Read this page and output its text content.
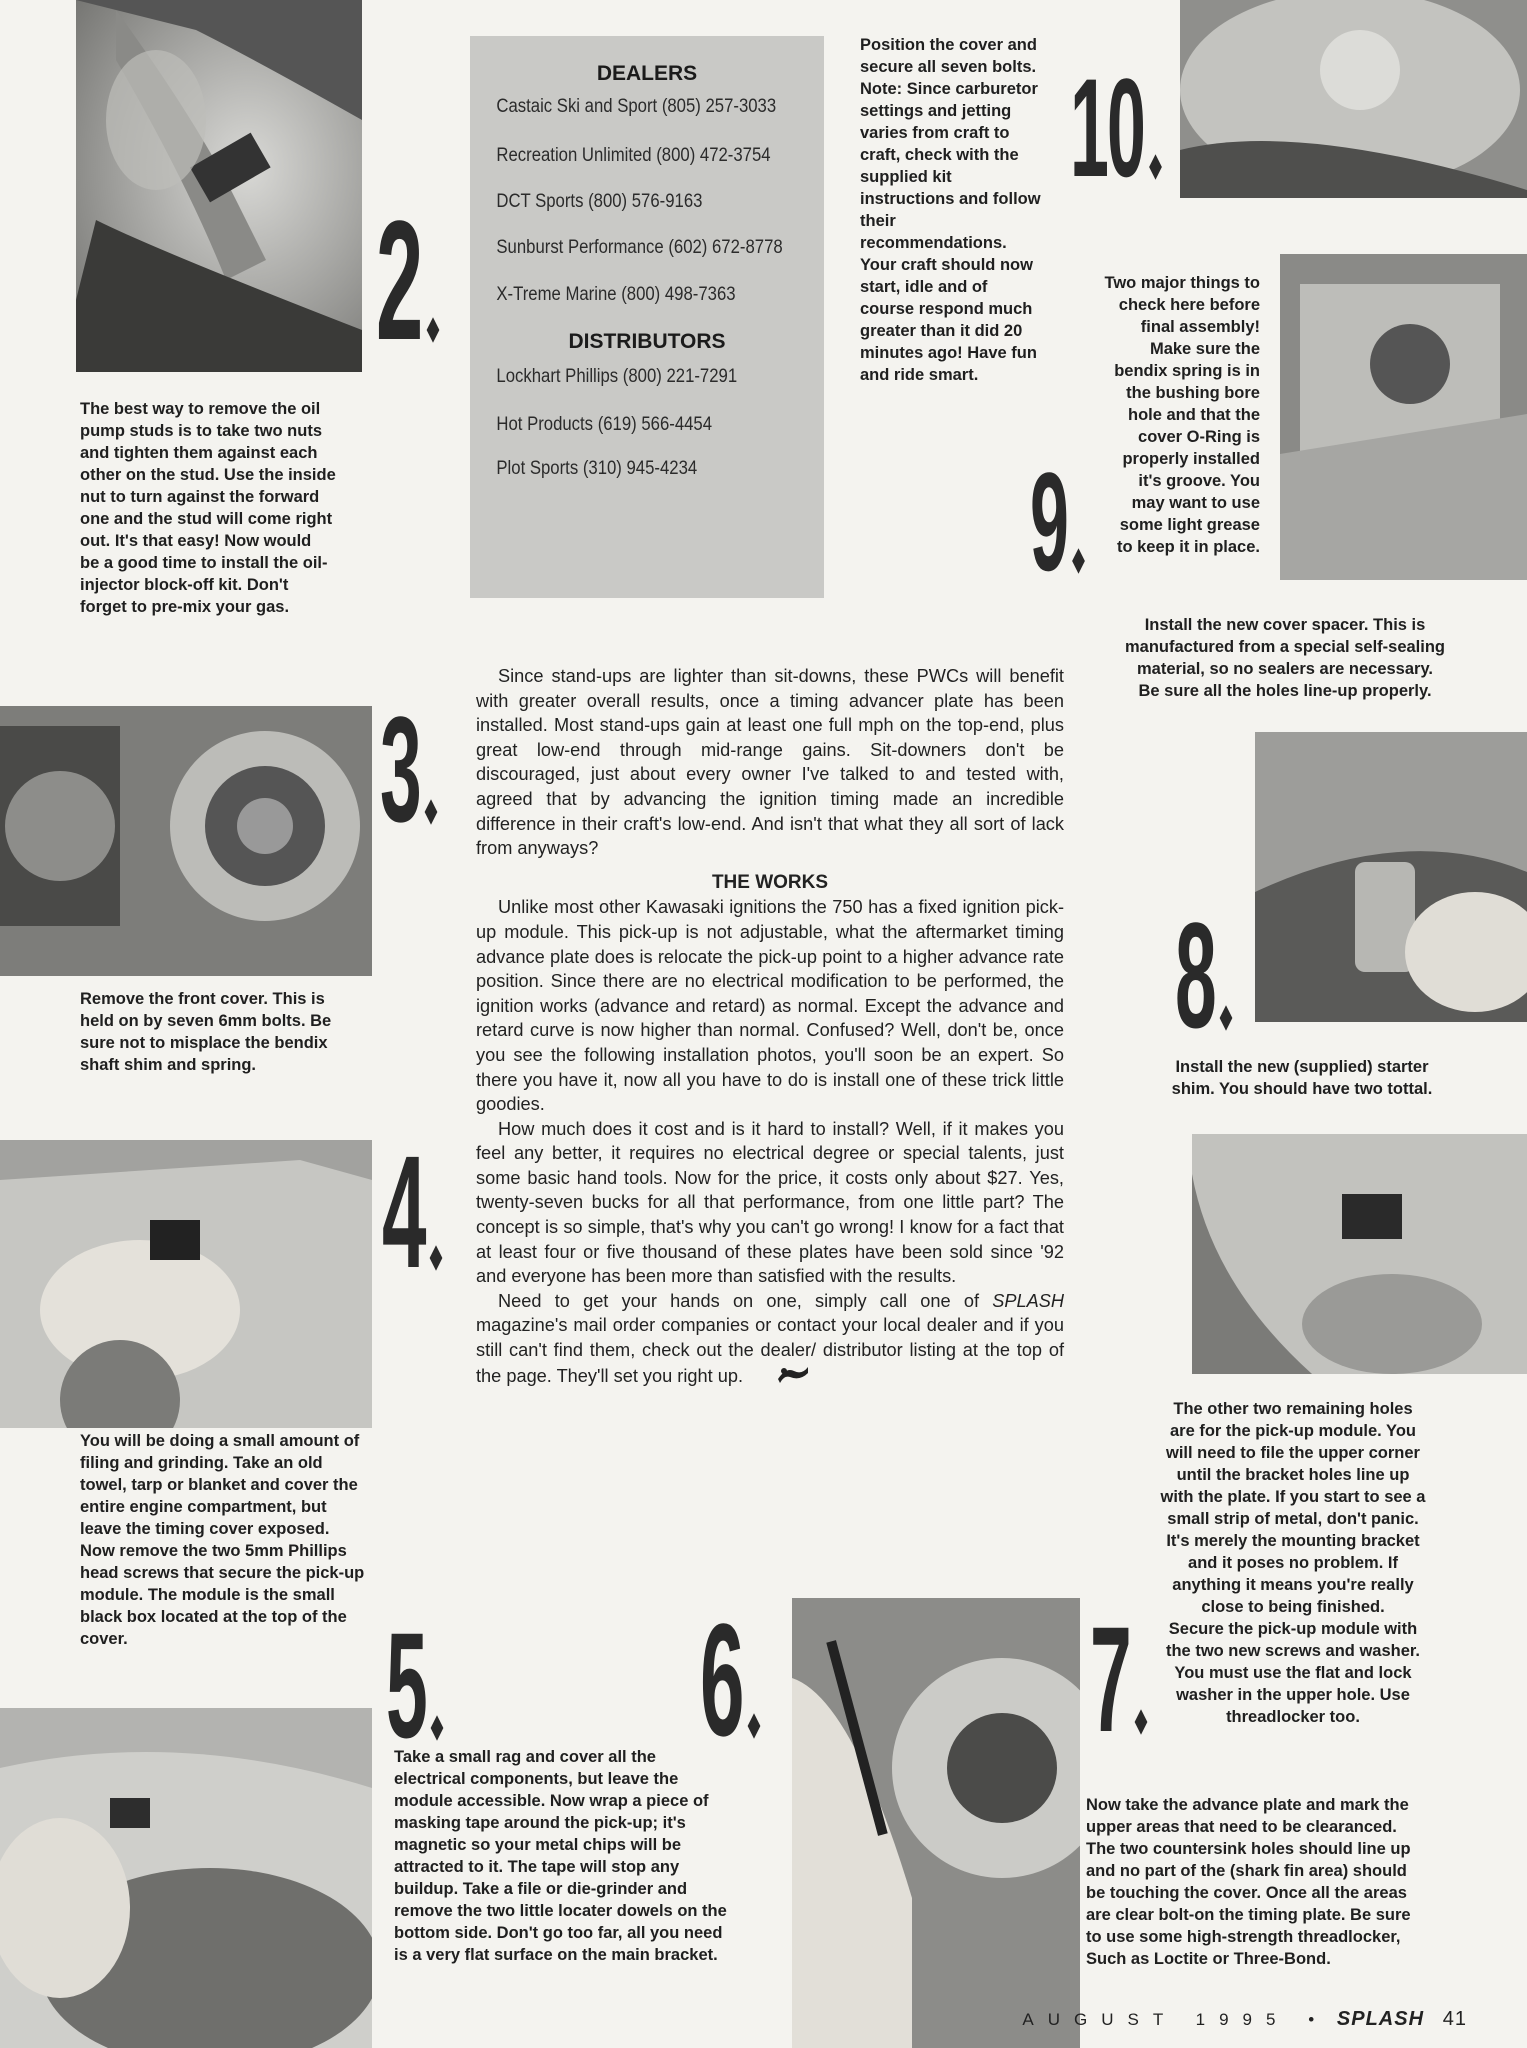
2
3
4
5 6 7
8
9
10
DEALERS
Castaic Ski and Sport (805) 257-3033
Recreation Unlimited (800) 472-3754
DCT Sports (800) 576-9163
Sunburst Performance (602) 672-8778
X-Treme Marine (800) 498-7363
DISTRIBUTORS
Lockhart Phillips (800) 221-7291
Hot Products (619) 566-4454
Plot Sports (310) 945-4234
The best way to remove the oil
pump studs is to take two nuts
and tighten them against each
other on the stud. Use the inside
nut to turn against the forward
one and the stud will come right
out. It's that easy! Now would
be a good time to install the oil-
injector block-off kit. Don't
forget to pre-mix your gas.
Remove the front cover. This is
held on by seven 6mm bolts. Be
sure not to misplace the bendix
shaft shim and spring.
You will be doing a small amount of
filing and grinding. Take an old
towel, tarp or blanket and cover the
entire engine compartment, but
leave the timing cover exposed.
Now remove the two 5mm Phillips
head screws that secure the pick-up
module. The module is the small
black box located at the top of the
cover.
Take a small rag and cover all the
electrical components, but leave the
module accessible. Now wrap a piece of
masking tape around the pick-up; it's
magnetic so your metal chips will be
attracted to it. The tape will stop any
buildup. Take a file or die-grinder and
remove the two little locater dowels on the
bottom side. Don't go too far, all you need
is a very flat surface on the main bracket.
Now take the advance plate and mark the
upper areas that need to be clearanced.
The two countersink holes should line up
and no part of the (shark fin area) should
be touching the cover. Once all the areas
are clear bolt-on the timing plate. Be sure
to use some high-strength threadlocker,
Such as Loctite or Three-Bond.
The other two remaining holes
are for the pick-up module. You
will need to file the upper corner
until the bracket holes line up
with the plate. If you start to see a
small strip of metal, don't panic.
It's merely the mounting bracket
and it poses no problem. If
anything it means you're really
close to being finished.
Secure the pick-up module with
the two new screws and washer.
You must use the flat and lock
washer in the upper hole. Use
threadlocker too.
Install the new (supplied) starter
shim. You should have two tottal.
Install the new cover spacer. This is
manufactured from a special self-sealing
material, so no sealers are necessary.
Be sure all the holes line-up properly.
Two major things to
check here before
final assembly!
Make sure the
bendix spring is in
the bushing bore
hole and that the
cover O-Ring is
properly installed
it's groove. You
may want to use
some light grease
to keep it in place.
Position the cover and
secure all seven bolts.
Note: Since carburetor
settings and jetting
varies from craft to
craft, check with the
supplied kit
instructions and follow
their
recommendations.
Your craft should now
start, idle and of
course respond much
greater than it did 20
minutes ago! Have fun
and ride smart.

Since stand-ups are lighter than sit-downs, these PWCs will benefit with greater overall results, once a timing advancer plate has been installed. Most stand-ups gain at least one full mph on the top-end, plus great low-end through mid-range gains. Sit-downers don't be discouraged, just about every owner I've talked to and tested with, agreed that by advancing the ignition timing made an incredible difference in their craft's low-end. And isn't that what they all sort of lack from anyways?

THE WORKS

Unlike most other Kawasaki ignitions the 750 has a fixed ignition pick-up module. This pick-up is not adjustable, what the aftermarket timing advance plate does is relocate the pick-up point to a higher advance rate position. Since there are no electrical modification to be performed, the ignition works (advance and retard) as normal. Except the advance and retard curve is now higher than normal. Confused? Well, don't be, once you see the following installation photos, you'll soon be an expert. So there you have it, now all you have to do is install one of these trick little goodies.

How much does it cost and is it hard to install? Well, if it makes you feel any better, it requires no electrical degree or special talents, just some basic hand tools. Now for the price, it costs only about $27. Yes, twenty-seven bucks for all that performance, from one little part? The concept is so simple, that's why you can't go wrong! I know for a fact that at least four or five thousand of these plates have been sold since '92 and everyone has been more than satisfied with the results.

Need to get your hands on one, simply call one of SPLASH magazine's mail order companies or contact your local dealer and if you still can't find them, check out the dealer/ distributor listing at the top of the page. They'll set you right up.

AUGUST 1995 • SPLASH 41
